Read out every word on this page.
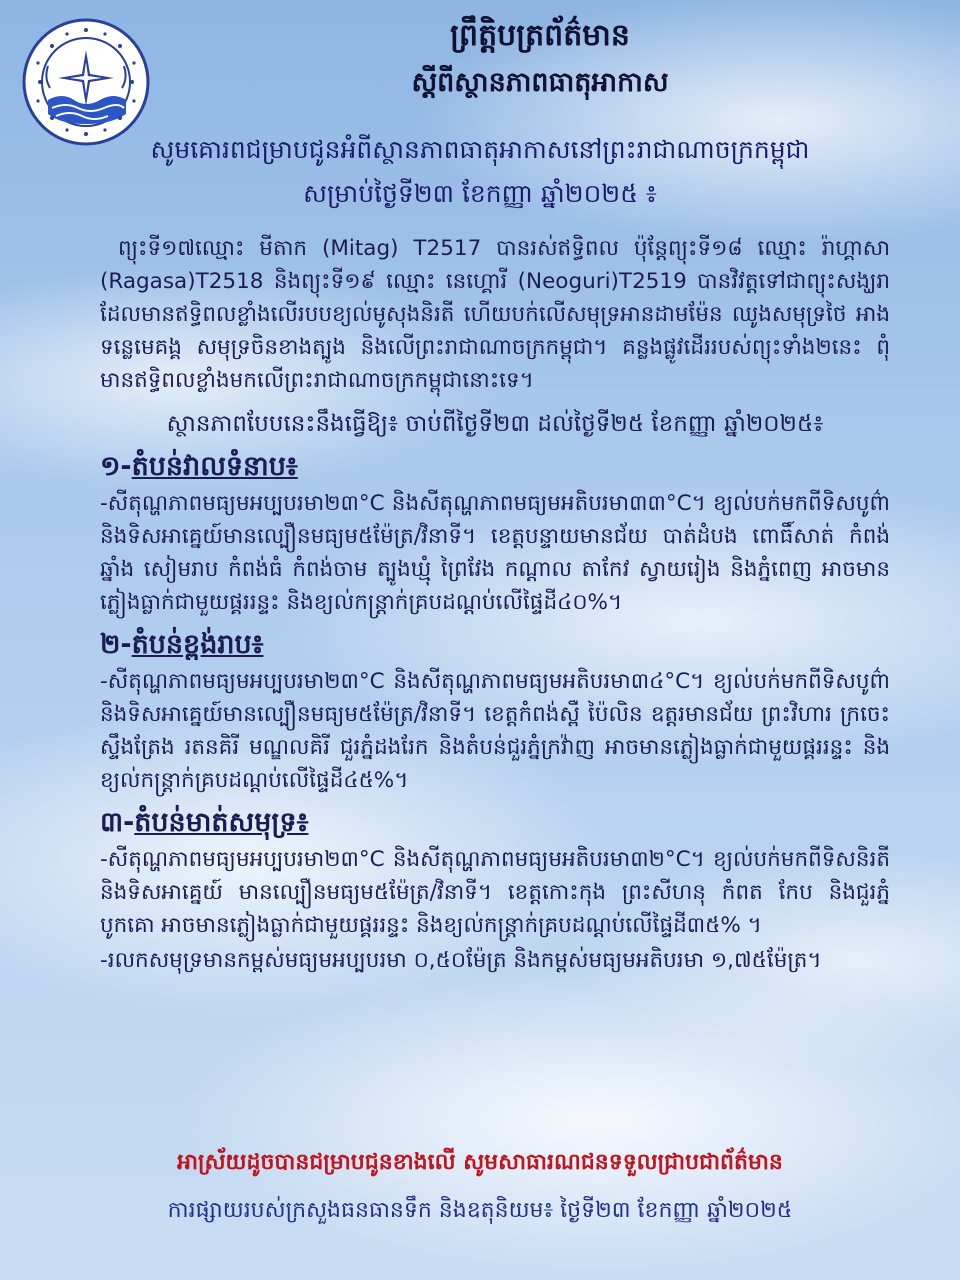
ព្រឹត្តិបត្រព័ត៌មាន

ស្តីពីស្ថានភាពធាតុអាកាស

សូមគោរពជម្រាបជូនអំពីស្ថានភាពធាតុអាកាសនៅព្រះរាជាណាចក្រកម្ពុជា

សម្រាប់ថ្ងៃទី២៣ ខែកញ្ញា ឆ្នាំ២០២៥ ៖

ព្យុះទី១៧ឈ្មោះ មីតាក (Mitag) T2517 បានរស់ឥទ្ធិពល ប៉ុន្តែព្យុះទី១៨ ឈ្មោះ រ៉ាហ្គាសា (Ragasa)T2518 និងព្យុះទី១៩ ឈ្មោះ នេហ្គោរី (Neoguri)T2519 បានវិវត្តទៅជាព្យុះសង្ឃរា ដែលមានឥទ្ធិពលខ្លាំងលើរបបខ្យល់មូសុងនិរតី ហើយបក់លើសមុទ្រអានដាមម៉ែន ឈូងសមុទ្រថៃ អាងទន្លេមេគង្គ សមុទ្រចិនខាងត្បូង និងលើព្រះរាជាណាចក្រកម្ពុជា។ គន្លងផ្លូវដើររបស់ព្យុះទាំង២នេះ ពុំមានឥទ្ធិពលខ្លាំងមកលើព្រះរាជាណាចក្រកម្ពុជានោះទេ។

ស្ថានភាពបែបនេះនឹងធ្វើឱ្យ៖ ចាប់ពីថ្ងៃទី២៣ ដល់ថ្ងៃទី២៥ ខែកញ្ញា ឆ្នាំ២០២៥៖

១-តំបន់វាលទំនាប៖

-សីតុណ្ហភាពមធ្យមអប្បបរមា២៣°C និងសីតុណ្ហភាពមធ្យមអតិបរមា៣៣°C។ ខ្យល់បក់មកពីទិសបូព៌ា និងទិសអាគ្នេយ៍មានល្បឿនមធ្យម៥ម៉ែត្រ/វិនាទី។ ខេត្តបន្ទាយមានជ័យ បាត់ដំបង ពោធិ៍សាត់ កំពង់ឆ្នាំង សៀមរាប កំពង់ធំ កំពង់ចាម ត្បូងឃ្មុំ ព្រៃវែង កណ្តាល តាកែវ ស្វាយរៀង និងភ្នំពេញ អាចមានភ្លៀងធ្លាក់ជាមួយផ្គររន្ទះ និងខ្យល់កន្ត្រាក់គ្របដណ្តប់លើផ្ទៃដី៤០%។

២-តំបន់ខ្ពង់រាប៖

-សីតុណ្ហភាពមធ្យមអប្បបរមា២៣°C និងសីតុណ្ហភាពមធ្យមអតិបរមា៣៤°C។ ខ្យល់បក់មកពីទិសបូព៌ានិងទិសអាគ្នេយ៍មានល្បឿនមធ្យម៥ម៉ែត្រ/វិនាទី។ ខេត្តកំពង់ស្ពឺ ប៉ៃលិន ឧត្តរមានជ័យ ព្រះវិហារ ក្រចេះ ស្ទឹងត្រែង រតនគិរី មណ្ឌលគិរី ជួរភ្នំដងរែក និងតំបន់ជួរភ្នំក្រវ៉ាញ អាចមានភ្លៀងធ្លាក់ជាមួយផ្គររន្ទះ និងខ្យល់កន្ត្រាក់គ្របដណ្តប់លើផ្ទៃដី៤៥%។

៣-តំបន់មាត់សមុទ្រ៖

-សីតុណ្ហភាពមធ្យមអប្បបរមា២៣°C និងសីតុណ្ហភាពមធ្យមអតិបរមា៣២°C។ ខ្យល់បក់មកពីទិសនិរតី និងទិសអាគ្នេយ៍ មានល្បឿនមធ្យម៥ម៉ែត្រ/វិនាទី។ ខេត្តកោះកុង ព្រះសីហនុ កំពត កែប និងជួរភ្នំបូកគោ អាចមានភ្លៀងធ្លាក់ជាមួយផ្គររន្ទះ និងខ្យល់កន្ត្រាក់គ្របដណ្តប់លើផ្ទៃដី៣៥% ។

-រលកសមុទ្រមានកម្ពស់មធ្យមអប្បបរមា ០,៥០ម៉ែត្រ និងកម្ពស់មធ្យមអតិបរមា ១,៧៥ម៉ែត្រ។

អាស្រ័យដូចបានជម្រាបជូនខាងលើ សូមសាធារណជនទទួលជ្រាបជាព័ត៌មាន

ការផ្សាយរបស់ក្រសួងធនធានទឹក និងឧតុនិយម៖ ថ្ងៃទី២៣ ខែកញ្ញា ឆ្នាំ២០២៥
